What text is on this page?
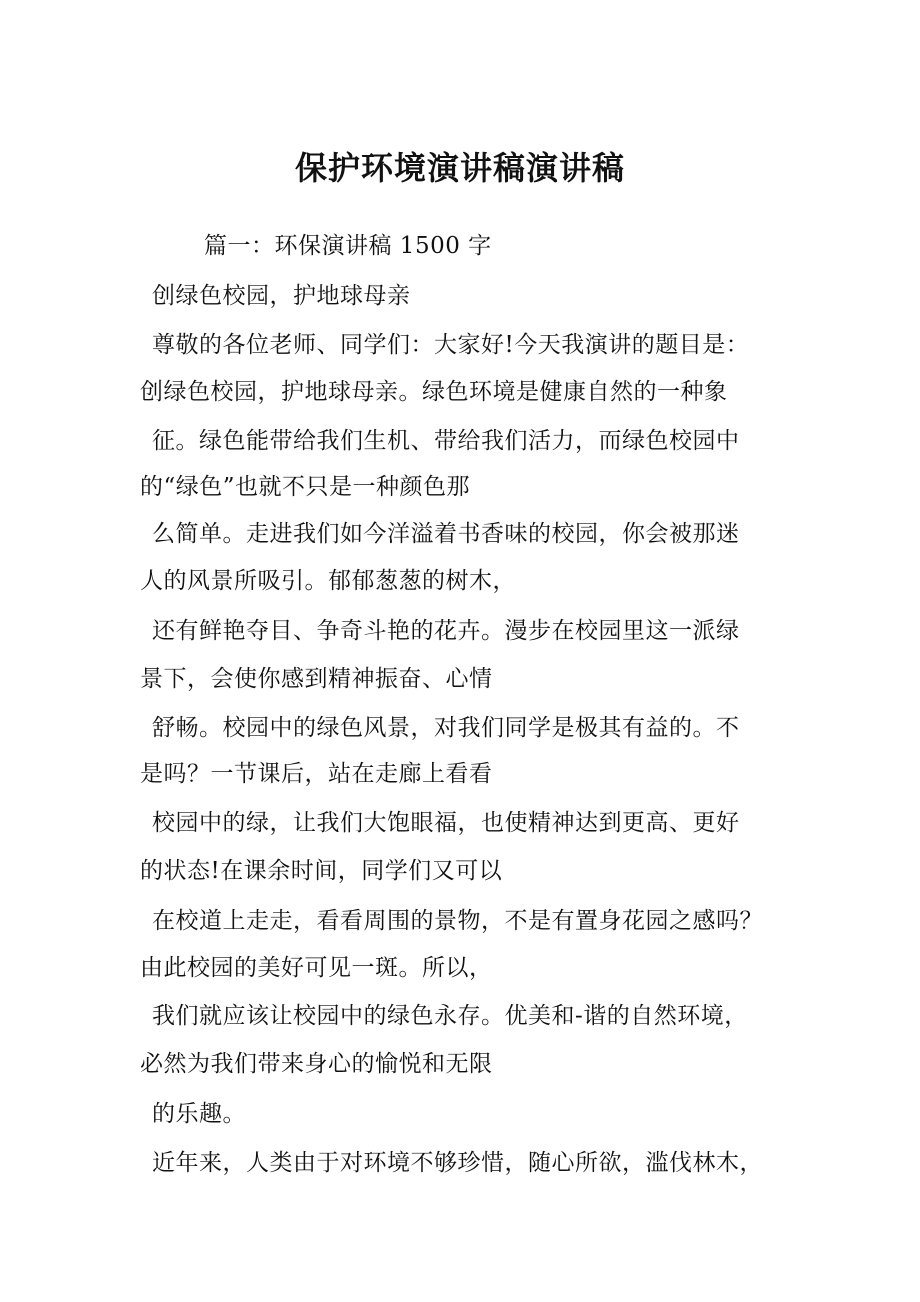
保护环境演讲稿演讲稿

篇一：环保演讲稿 1500 字

创绿色校园，护地球母亲

尊敬的各位老师、同学们：大家好!今天我演讲的题目是：

创绿色校园，护地球母亲。绿色环境是健康自然的一种象

征。绿色能带给我们生机、带给我们活力，而绿色校园中

的“绿色”也就不只是一种颜色那

么简单。走进我们如今洋溢着书香味的校园，你会被那迷

人的风景所吸引。郁郁葱葱的树木，

还有鲜艳夺目、争奇斗艳的花卉。漫步在校园里这一派绿

景下，会使你感到精神振奋、心情

舒畅。校园中的绿色风景，对我们同学是极其有益的。不

是吗？一节课后，站在走廊上看看

校园中的绿，让我们大饱眼福，也使精神达到更高、更好

的状态!在课余时间，同学们又可以

在校道上走走，看看周围的景物，不是有置身花园之感吗？

由此校园的美好可见一斑。所以，

我们就应该让校园中的绿色永存。优美和-谐的自然环境，

必然为我们带来身心的愉悦和无限

的乐趣。

近年来，人类由于对环境不够珍惜，随心所欲，滥伐林木，
